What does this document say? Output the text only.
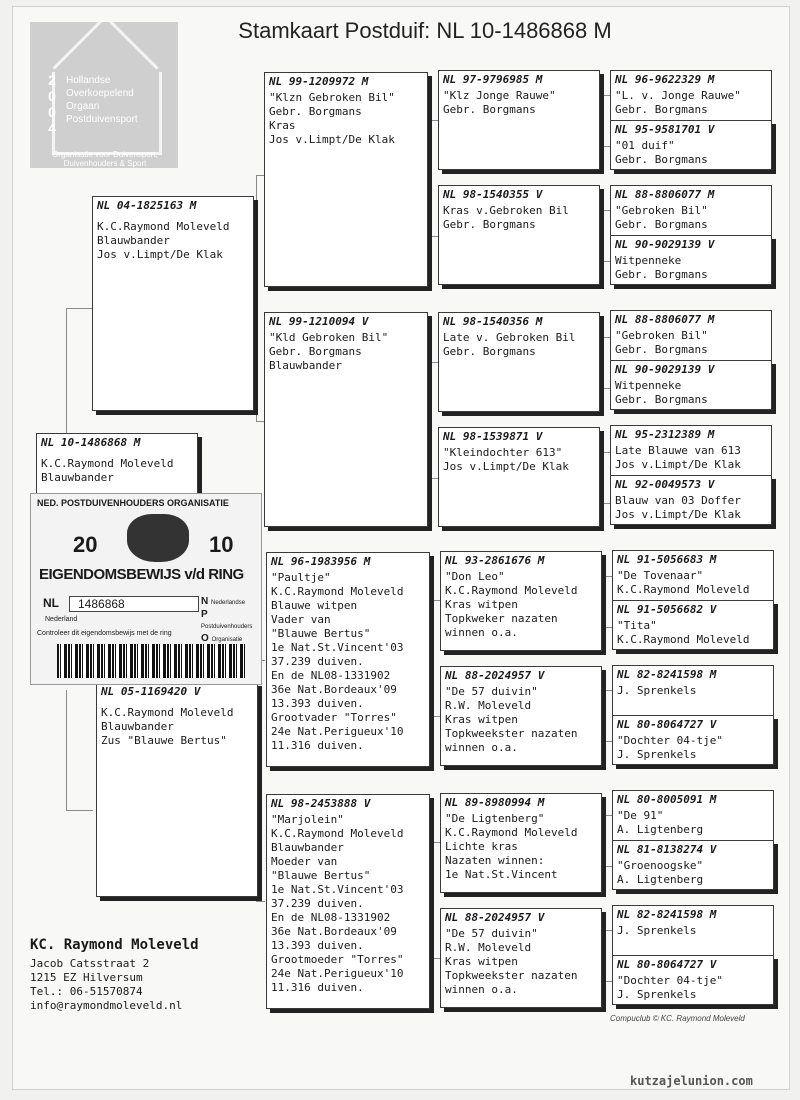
Stamkaart Postduif: NL 10-1486868 M
2
0
0
4
Hollandse
Overkoepelend
Orgaan
Postduivensport
Organisatie voor Duivensport, Duivenhouders & Sport
NL 04-1825163 M
K.C.Raymond Moleveld
Blauwbander
Jos v.Limpt/De Klak
NL 05-1169420 V
K.C.Raymond Moleveld
Blauwbander
Zus "Blauwe Bertus"
NL 10-1486868 M
K.C.Raymond Moleveld
Blauwbander
NL 99-1209972 M
"Klzn Gebroken Bil"
Gebr. Borgmans
Kras
Jos v.Limpt/De Klak
NL 99-1210094 V
"Kld Gebroken Bil"
Gebr. Borgmans
Blauwbander
NL 96-1983956 M
"Paultje"
K.C.Raymond Moleveld
Blauwe witpen
Vader van
"Blauwe Bertus"
1e Nat.St.Vincent'03
37.239 duiven.
En de NL08-1331902
36e Nat.Bordeaux'09
13.393 duiven.
Grootvader "Torres"
24e Nat.Perigueux'10
11.316 duiven.
NL 98-2453888 V
"Marjolein"
K.C.Raymond Moleveld
Blauwbander
Moeder van
"Blauwe Bertus"
1e Nat.St.Vincent'03
37.239 duiven.
En de NL08-1331902
36e Nat.Bordeaux'09
13.393 duiven.
Grootmoeder "Torres"
24e Nat.Perigueux'10
11.316 duiven.
NL 97-9796985 M
"Klz Jonge Rauwe"
Gebr. Borgmans
NL 98-1540355 V
Kras v.Gebroken Bil
Gebr. Borgmans
NL 98-1540356 M
Late v. Gebroken Bil
Gebr. Borgmans
NL 98-1539871 V
"Kleindochter 613"
Jos v.Limpt/De Klak
NL 93-2861676 M
"Don Leo"
K.C.Raymond Moleveld
Kras witpen
Topkweker nazaten
winnen o.a.
NL 88-2024957 V
"De 57 duivin"
R.W. Moleveld
Kras witpen
Topkweekster nazaten
winnen o.a.
NL 89-8980994 M
"De Ligtenberg"
K.C.Raymond Moleveld
Lichte kras
Nazaten winnen:
1e Nat.St.Vincent
NL 88-2024957 V
"De 57 duivin"
R.W. Moleveld
Kras witpen
Topkweekster nazaten
winnen o.a.
NL 96-9622329 M
"L. v. Jonge Rauwe"
Gebr. Borgmans
NL 95-9581701 V
"01 duif"
Gebr. Borgmans
NL 88-8806077 M
"Gebroken Bil"
Gebr. Borgmans
NL 90-9029139 V
Witpenneke
Gebr. Borgmans
NL 88-8806077 M
"Gebroken Bil"
Gebr. Borgmans
NL 90-9029139 V
Witpenneke
Gebr. Borgmans
NL 95-2312389 M
Late Blauwe van 613
Jos v.Limpt/De Klak
NL 92-0049573 V
Blauw van 03 Doffer
Jos v.Limpt/De Klak
NL 91-5056683 M
"De Tovenaar"
K.C.Raymond Moleveld
NL 91-5056682 V
"Tita"
K.C.Raymond Moleveld
NL 82-8241598 M
J. Sprenkels
NL 80-8064727 V
"Dochter 04-tje"
J. Sprenkels
NL 80-8005091 M
"De 91"
A. Ligtenberg
NL 81-8138274 V
"Groenoogske"
A. Ligtenberg
NL 82-8241598 M
J. Sprenkels
NL 80-8064727 V
"Dochter 04-tje"
J. Sprenkels
NED. POSTDUIVENHOUDERS ORGANISATIE
20	10
EIGENDOMSBEWIJS v/d RING
NL	1486868
Nederland
N Nederlandse
P Postduivenhouders
O Organisatie
Controleer dit eigendomsbewijs met de ring
KC. Raymond Moleveld
Jacob Catsstraat 2
1215 EZ Hilversum
Tel.: 06-51570874
info@raymondmoleveld.nl
Compuclub © KC. Raymond Moleveld
kutzajelunion.com
